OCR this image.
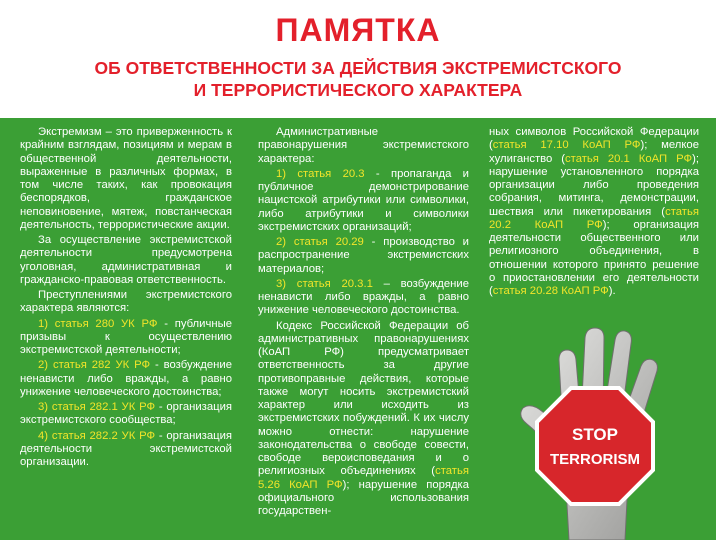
ПАМЯТКА
ОБ ОТВЕТСТВЕННОСТИ ЗА ДЕЙСТВИЯ ЭКСТРЕМИСТСКОГО
И ТЕРРОРИСТИЧЕСКОГО ХАРАКТЕРА

Экстремизм – это приверженность к крайним взглядам, позициям и мерам в общественной деятельности, выраженные в различных формах, в том числе таких, как провокация беспорядков, гражданское неповиновение, мятеж, повстанческая деятельность, террористические акции.

За осуществление экстремистской деятельности предусмотрена уголовная, административная и гражданско-правовая ответственность.

Преступлениями экстремистского характера являются:

1) статья 280 УК РФ - публичные призывы к осуществлению экстремистской деятельности;

2) статья 282 УК РФ - возбуждение ненависти либо вражды, а равно унижение человеческого достоинства;

3) статья 282.1 УК РФ - организация экстремистского сообщества;

4) статья 282.2 УК РФ - организация деятельности экстремистской организации.

Административные правонарушения экстремистского характера:

1) статья 20.3 - пропаганда и публичное демонстрирование нацистской атрибутики или символики, либо атрибутики и символики экстремистских организаций;

2) статья 20.29 - производство и распространение экстремистских материалов;

3) статья 20.3.1 – возбуждение ненависти либо вражды, а равно унижение человеческого достоинства.

Кодекс Российской Федерации об административных правонарушениях (КоАП РФ) предусматривает ответственность за другие противоправные действия, которые также могут носить экстремистский характер или исходить из экстремистских побуждений. К их числу можно отнести: нарушение законодательства о свободе совести, свободе вероисповедания и о религиозных объединениях (статья 5.26 КоАП РФ); нарушение порядка официального использования государствен-

ных символов Российской Федерации (статья 17.10 КоАП РФ); мелкое хулиганство (статья 20.1 КоАП РФ); нарушение установленного порядка организации либо проведения собрания, митинга, демонстрации, шествия или пикетирования (статья 20.2 КоАП РФ); организация деятельности общественного или религиозного объединения, в отношении которого принято решение о приостановлении его деятельности (статья 20.28 КоАП РФ).

STOP
TERRORISM
